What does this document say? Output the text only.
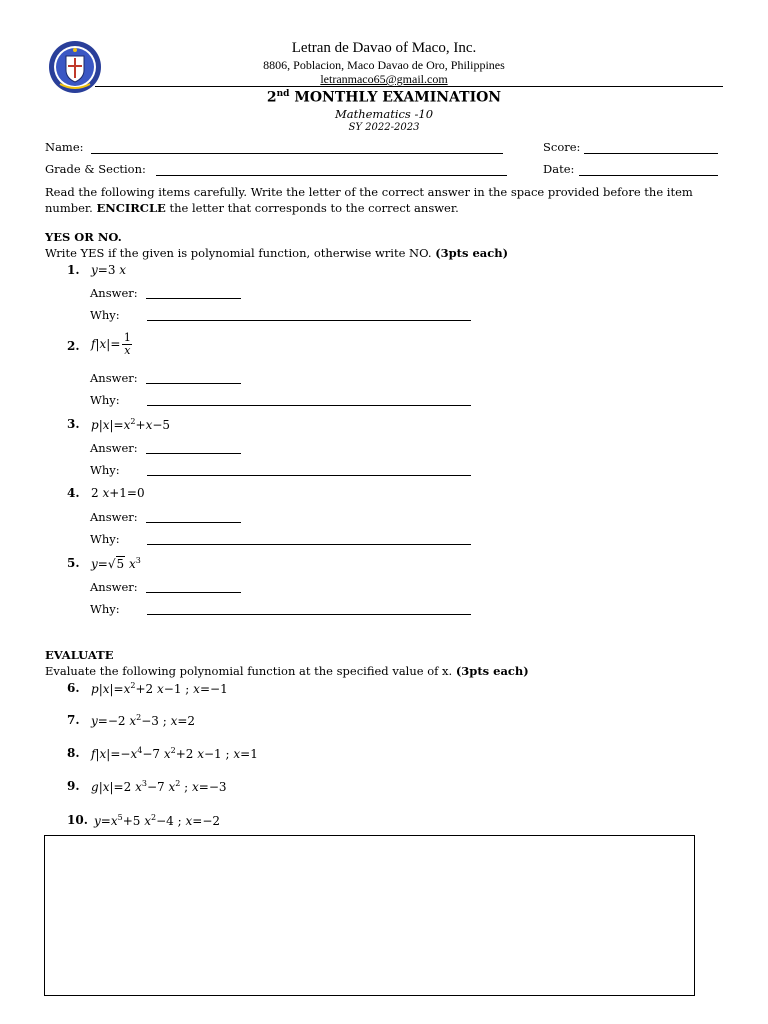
Letran de Davao of Maco, Inc.
8806, Poblacion, Maco Davao de Oro, Philippines
letranmaco65@gmail.com
2nd MONTHLY EXAMINATION
Mathematics -10
SY 2022-2023
Name:	Score:
Grade & Section:	Date:
Read the following items carefully. Write the letter of the correct answer in the space provided before the item number. ENCIRCLE the letter that corresponds to the correct answer.
YES OR NO.
Write YES if the given is polynomial function, otherwise write NO. (3pts each)
1. y=3 x
Answer:
Why:
2. $f|x|= \frac{1}{x}$
Answer:
Why:
3. $p|x|=x^2+x-5$
Answer:
Why:
4. 2 x+1=0
Answer:
Why:
5. y=√5 $x^3$
Answer:
Why:
EVALUATE
Evaluate the following polynomial function at the specified value of x. (3pts each)
6. $p|x|=x^2+2$ x−1 ; x=−1
7. y=−2 $x^2-3$ ; x=2
8. $f|x|=-x^4-7$ $x^2+2$ x−1 ; x=1
9. g|x|=2 $x^3-7$ $x^2$ ; x=−3
10. $y=x^5+5$ $x^2-4$ ; x=−2
